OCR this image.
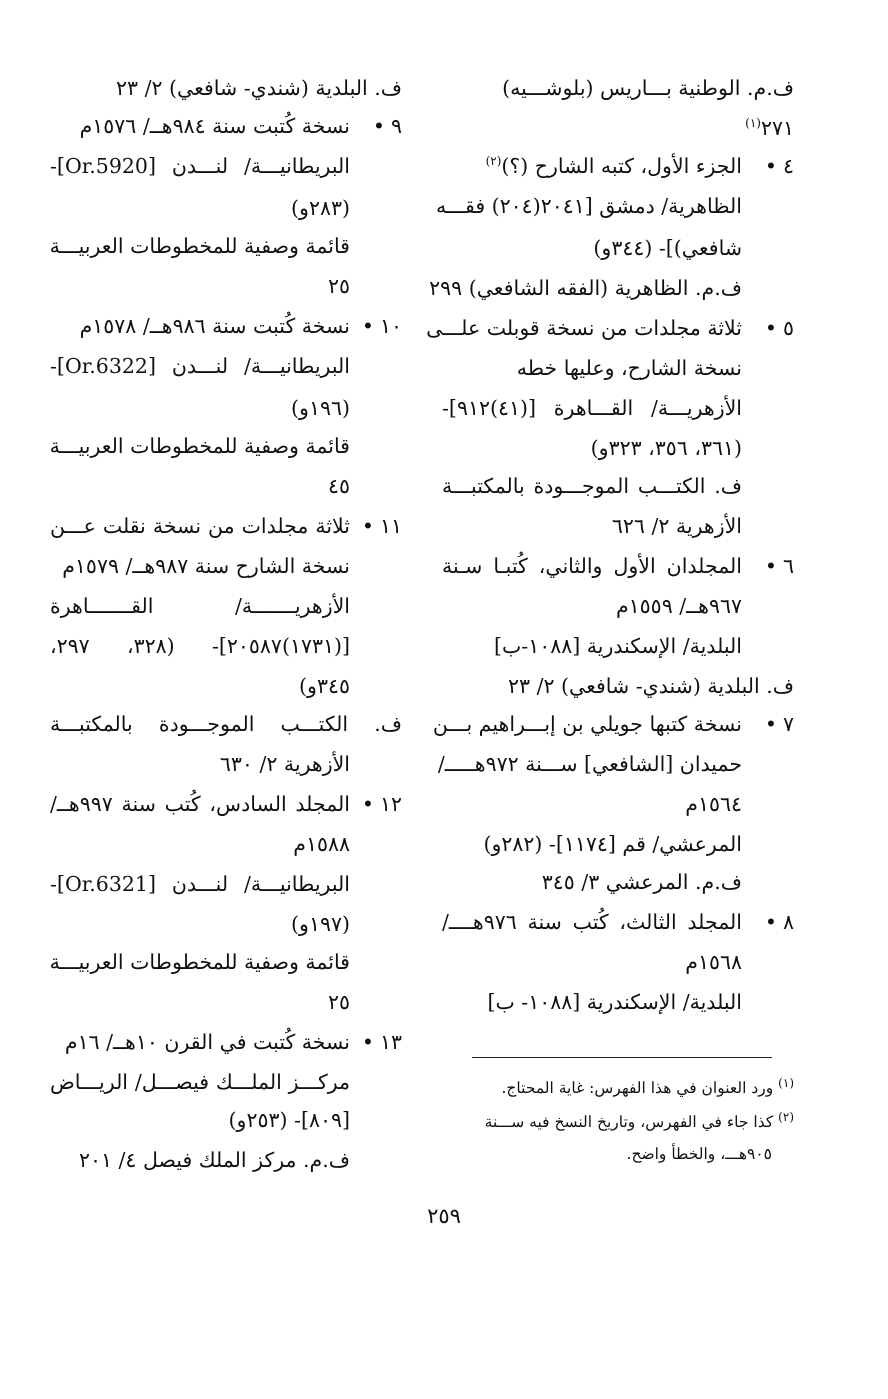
ف.م. الوطنية بـــاريس (بلوشـــيه)
٢٧١$^{(١)}$
٤•
الجزء الأول، كتبه الشارح (؟)$^{(٢)}$
الظاهرية/ دمشق [٢٠٤١(٢٠٤) فقـــه
شافعي)]- (٣٤٤و)
ف.م. الظاهرية (الفقه الشافعي) ٢٩٩
٥•
ثلاثة مجلدات من نسخة قوبلت علـــى
نسخة الشارح، وعليها خطه
الأزهريـــة/ القـــاهرة [(٤١)٩١٢]-
(٣٦١، ٣٥٦، ٣٢٣و)
ف. الكتـــب الموجـــودة بالمكتبـــة
الأزهرية ٢/ ٦٢٦
٦•
المجلدان الأول والثاني، كُتبـا سـنة
٩٦٧هــ/ ١٥٥٩م
البلدية/ الإسكندرية [١٠٨٨-ب]
ف. البلدية (شندي- شافعي) ٢/ ٢٣
٧•
نسخة كتبها جويلي بن إبـــراهيم بـــن
حميدان [الشافعي] ســـنة ٩٧٢هـــــ/
١٥٦٤م
المرعشي/ قم [١١٧٤]- (٢٨٢و)
ف.م. المرعشي ٣/ ٣٤٥
٨•
المجلد الثالث، كُتب سنة ٩٧٦هــــ/
١٥٦٨م
البلدية/ الإسكندرية [١٠٨٨- ب]
ف. البلدية (شندي- شافعي) ٢/ ٢٣
٩•
نسخة كُتبت سنة ٩٨٤هــ/ ١٥٧٦م
البريطانيـــة/ لنـــدن [Or.5920]-
(٢٨٣و)
قائمة وصفية للمخطوطات العربيـــة
٢٥
١٠•
نسخة كُتبت سنة ٩٨٦هــ/ ١٥٧٨م
البريطانيـــة/ لنـــدن [Or.6322]-
(١٩٦و)
قائمة وصفية للمخطوطات العربيـــة
٤٥
١١•
ثلاثة مجلدات من نسخة نقلت عـــن
نسخة الشارح سنة ٩٨٧هــ/ ١٥٧٩م
الأزهريـــــــة/ القـــــــاهرة
[(١٧٣١)٢٠٥٨٧]- (٣٢٨، ٢٩٧،
٣٤٥و)
ف. الكتـــب الموجـــودة بالمكتبـــة
الأزهرية ٢/ ٦٣٠
١٢•
المجلد السادس، كُتب سنة ٩٩٧هــ/
١٥٨٨م
البريطانيـــة/ لنـــدن [Or.6321]-
(١٩٧و)
قائمة وصفية للمخطوطات العربيـــة
٢٥
١٣•
نسخة كُتبت في القرن ١٠هــ/ ١٦م
مركـــز الملـــك فيصـــل/ الريـــاض
[٨٠٩]- (٢٥٣و)
ف.م. مركز الملك فيصل ٤/ ٢٠١
$^{(١)}$ ورد العنوان في هذا الفهرس: غاية المحتاج.
$^{(٢)}$ كذا جاء في الفهرس، وتاريخ النسخ فيه ســـنة
٩٠٥هـــ، والخطأ واضح.
٢٥٩
